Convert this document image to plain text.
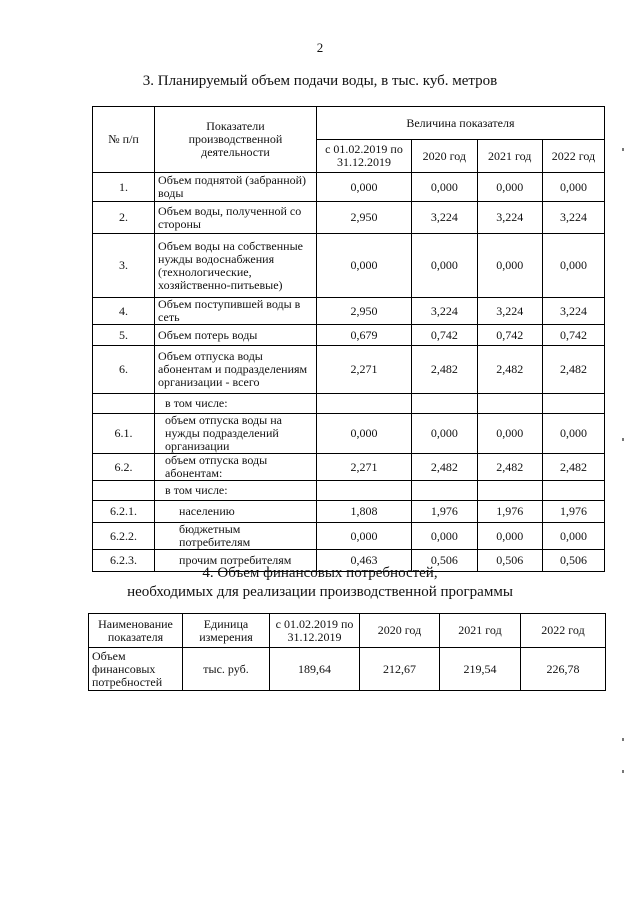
2
3. Планируемый объем подачи воды, в тыс. куб. метров
№ п/п	Показатели производственной деятельности	Величина показателя			
		с 01.02.2019 по 31.12.2019	2020 год	2021 год	2022 год
1.	Объем поднятой (забранной) воды	0,000	0,000	0,000	0,000
2.	Объем воды, полученной со стороны	2,950	3,224	3,224	3,224
3.	Объем воды на собственные нужды водоснабжения (технологические, хозяйственно-питьевые)	0,000	0,000	0,000	0,000
4.	Объем поступившей воды в сеть	2,950	3,224	3,224	3,224
5.	Объем потерь воды	0,679	0,742	0,742	0,742
6.	Объем отпуска воды абонентам и подразделениям организации - всего	2,271	2,482	2,482	2,482
	в том числе:				
6.1.	объем отпуска воды на нужды подразделений организации	0,000	0,000	0,000	0,000
6.2.	объем отпуска воды абонентам:	2,271	2,482	2,482	2,482
	в том числе:				
6.2.1.	населению	1,808	1,976	1,976	1,976
6.2.2.	бюджетным потребителям	0,000	0,000	0,000	0,000
6.2.3.	прочим потребителям	0,463	0,506	0,506	0,506
4. Объем финансовых потребностей,
необходимых для реализации производственной программы
Наименование показателя	Единица измерения	с 01.02.2019 по 31.12.2019	2020 год	2021 год	2022 год
Объем финансовых потребностей	тыс. руб.	189,64	212,67	219,54	226,78
